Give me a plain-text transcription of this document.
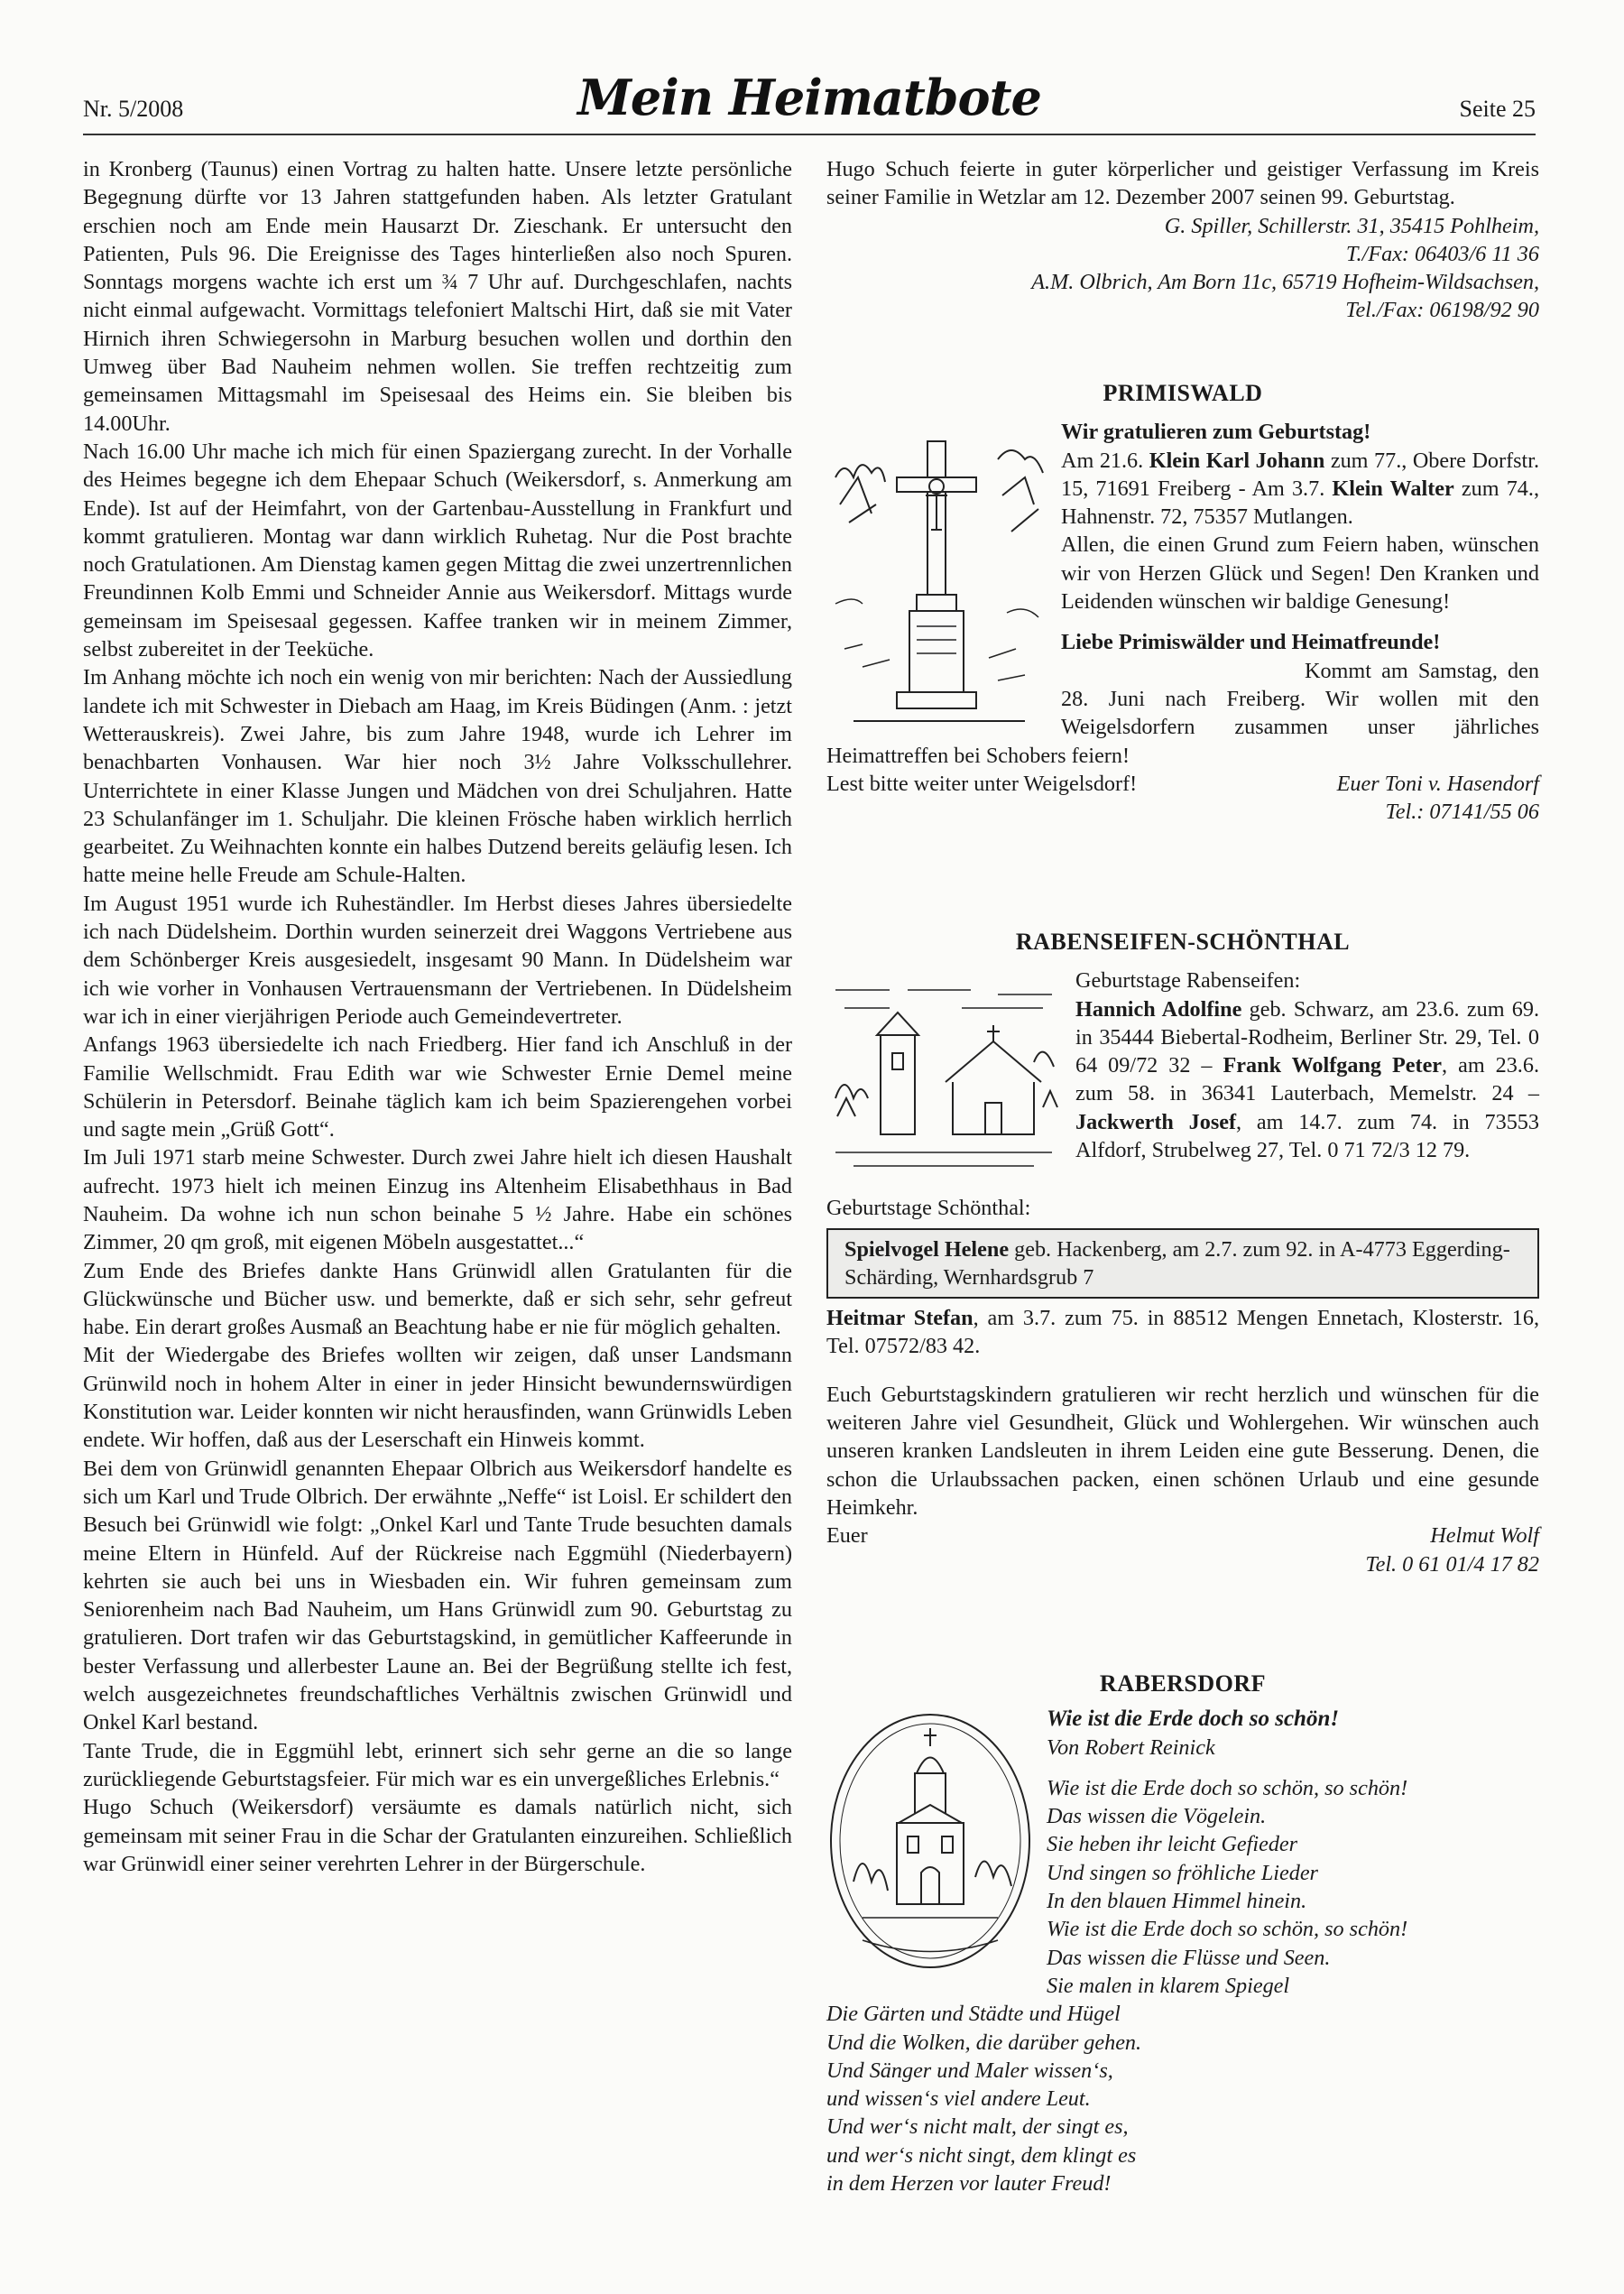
Nr. 5/2008	Mein Heimatbote	Seite 25

in Kronberg (Taunus) einen Vortrag zu halten hatte. Unsere letzte persönliche Begegnung dürfte vor 13 Jahren stattgefunden haben. Als letzter Gratulant erschien noch am Ende mein Hausarzt Dr. Zieschank. Er untersucht den Patienten, Puls 96. Die Ereignisse des Tages hinterließen also noch Spuren. Sonntags morgens wachte ich erst um ¾ 7 Uhr auf. Durchgeschlafen, nachts nicht einmal aufgewacht. Vormittags telefoniert Maltschi Hirt, daß sie mit Vater Hirnich ihren Schwiegersohn in Marburg besuchen wollen und dorthin den Umweg über Bad Nauheim nehmen wollen. Sie treffen rechtzeitig zum gemeinsamen Mittagsmahl im Speisesaal des Heims ein. Sie bleiben bis 14.00Uhr.

Nach 16.00 Uhr mache ich mich für einen Spaziergang zurecht. In der Vorhalle des Heimes begegne ich dem Ehepaar Schuch (Weikersdorf, s. Anmerkung am Ende). Ist auf der Heimfahrt, von der Gartenbau-Ausstellung in Frankfurt und kommt gratulieren. Montag war dann wirklich Ruhetag. Nur die Post brachte noch Gratulationen. Am Dienstag kamen gegen Mittag die zwei unzertrennlichen Freundinnen Kolb Emmi und Schneider Annie aus Weikersdorf. Mittags wurde gemeinsam im Speisesaal gegessen. Kaffee tranken wir in meinem Zimmer, selbst zubereitet in der Teeküche.

Im Anhang möchte ich noch ein wenig von mir berichten: Nach der Aussiedlung landete ich mit Schwester in Diebach am Haag, im Kreis Büdingen (Anm. : jetzt Wetterauskreis). Zwei Jahre, bis zum Jahre 1948, wurde ich Lehrer im benachbarten Vonhausen. War hier noch 3½ Jahre Volksschullehrer. Unterrichtete in einer Klasse Jungen und Mädchen von drei Schuljahren. Hatte 23 Schulanfänger im 1. Schuljahr. Die kleinen Frösche haben wirklich herrlich gearbeitet. Zu Weihnachten konnte ein halbes Dutzend bereits geläufig lesen. Ich hatte meine helle Freude am Schule-Halten.

Im August 1951 wurde ich Ruheständler. Im Herbst dieses Jahres übersiedelte ich nach Düdelsheim. Dorthin wurden seinerzeit drei Waggons Vertriebene aus dem Schönberger Kreis ausgesiedelt, insgesamt 90 Mann. In Düdelsheim war ich wie vorher in Vonhausen Vertrauensmann der Vertriebenen. In Düdelsheim war ich in einer vierjährigen Periode auch Gemeindevertreter.

Anfangs 1963 übersiedelte ich nach Friedberg. Hier fand ich Anschluß in der Familie Wellschmidt. Frau Edith war wie Schwester Ernie Demel meine Schülerin in Petersdorf. Beinahe täglich kam ich beim Spazierengehen vorbei und sagte mein „Grüß Gott“.

Im Juli 1971 starb meine Schwester. Durch zwei Jahre hielt ich diesen Haushalt aufrecht. 1973 hielt ich meinen Einzug ins Altenheim Elisabethhaus in Bad Nauheim. Da wohne ich nun schon beinahe 5 ½ Jahre. Habe ein schönes Zimmer, 20 qm groß, mit eigenen Möbeln ausgestattet...“

Zum Ende des Briefes dankte Hans Grünwidl allen Gratulanten für die Glückwünsche und Bücher usw. und bemerkte, daß er sich sehr, sehr gefreut habe. Ein derart großes Ausmaß an Beachtung habe er nie für möglich gehalten.

Mit der Wiedergabe des Briefes wollten wir zeigen, daß unser Landsmann Grünwild noch in hohem Alter in einer in jeder Hinsicht bewundernswürdigen Konstitution war. Leider konnten wir nicht herausfinden, wann Grünwidls Leben endete. Wir hoffen, daß aus der Leserschaft ein Hinweis kommt.

Bei dem von Grünwidl genannten Ehepaar Olbrich aus Weikersdorf handelte es sich um Karl und Trude Olbrich. Der erwähnte „Neffe“ ist Loisl. Er schildert den Besuch bei Grünwidl wie folgt: „Onkel Karl und Tante Trude besuchten damals meine Eltern in Hünfeld. Auf der Rückreise nach Eggmühl (Niederbayern) kehrten sie auch bei uns in Wiesbaden ein. Wir fuhren gemeinsam zum Seniorenheim nach Bad Nauheim, um Hans Grünwidl zum 90. Geburtstag zu gratulieren. Dort trafen wir das Geburtstagskind, in gemütlicher Kaffeerunde in bester Verfassung und allerbester Laune an. Bei der Begrüßung stellte ich fest, welch ausgezeichnetes freundschaftliches Verhältnis zwischen Grünwidl und Onkel Karl bestand.

Tante Trude, die in Eggmühl lebt, erinnert sich sehr gerne an die so lange zurückliegende Geburtstagsfeier. Für mich war es ein unvergeßliches Erlebnis.“

Hugo Schuch (Weikersdorf) versäumte es damals natürlich nicht, sich gemeinsam mit seiner Frau in die Schar der Gratulanten einzureihen. Schließlich war Grünwidl einer seiner verehrten Lehrer in der Bürgerschule.

Hugo Schuch feierte in guter körperlicher und geistiger Verfassung im Kreis seiner Familie in Wetzlar am 12. Dezember 2007 seinen 99. Geburtstag.

G. Spiller, Schillerstr. 31, 35415 Pohlheim,

T./Fax: 06403/6 11 36

A.M. Olbrich, Am Born 11c, 65719 Hofheim-Wildsachsen,

Tel./Fax: 06198/92 90

PRIMISWALD

Wir gratulieren zum Geburtstag!

Am 21.6. Klein Karl Johann zum 77., Obere Dorfstr. 15, 71691 Freiberg - Am 3.7. Klein Walter zum 74., Hahnenstr. 72, 75357 Mutlangen.

Allen, die einen Grund zum Feiern haben, wünschen wir von Herzen Glück und Segen! Den Kranken und Leidenden wünschen wir baldige Genesung!

Liebe Primiswälder und Heimatfreunde!

Kommt am Samstag, den 28. Juni nach Freiberg. Wir wollen mit den Weigelsdorfern zusammen unser jährliches Heimattreffen bei Schobers feiern!

Lest bitte weiter unter Weigelsdorf!	Euer Toni v. Hasendorf

Tel.: 07141/55 06

RABENSEIFEN-SCHÖNTHAL

Geburtstage Rabenseifen:

Hannich Adolfine geb. Schwarz, am 23.6. zum 69. in 35444 Biebertal-Rodheim, Berliner Str. 29, Tel. 0 64 09/72 32 – Frank Wolfgang Peter, am 23.6. zum 58. in 36341 Lauterbach, Memelstr. 24 – Jackwerth Josef, am 14.7. zum 74. in 73553 Alfdorf, Strubelweg 27, Tel. 0 71 72/3 12 79.

Geburtstage Schönthal:

Spielvogel Helene geb. Hackenberg, am 2.7. zum 92. in A-4773 Eggerding-Schärding, Wernhardsgrub 7

Heitmar Stefan, am 3.7. zum 75. in 88512 Mengen Ennetach, Klosterstr. 16, Tel. 07572/83 42.

Euch Geburtstagskindern gratulieren wir recht herzlich und wünschen für die weiteren Jahre viel Gesundheit, Glück und Wohlergehen. Wir wünschen auch unseren kranken Landsleuten in ihrem Leiden eine gute Besserung. Denen, die schon die Urlaubssachen packen, einen schönen Urlaub und eine gesunde Heimkehr.

Euer	Helmut Wolf

Tel. 0 61 01/4 17 82

RABERSDORF

Wie ist die Erde doch so schön!

Von Robert Reinick

Wie ist die Erde doch so schön, so schön!

Das wissen die Vögelein.

Sie heben ihr leicht Gefieder

Und singen so fröhliche Lieder

In den blauen Himmel hinein.

Wie ist die Erde doch so schön, so schön!

Das wissen die Flüsse und Seen.

Sie malen in klarem Spiegel

Die Gärten und Städte und Hügel

Und die Wolken, die darüber gehen.

Und Sänger und Maler wissen‘s,

und wissen‘s viel andere Leut.

Und wer‘s nicht malt, der singt es,

und wer‘s nicht singt, dem klingt es

in dem Herzen vor lauter Freud!
